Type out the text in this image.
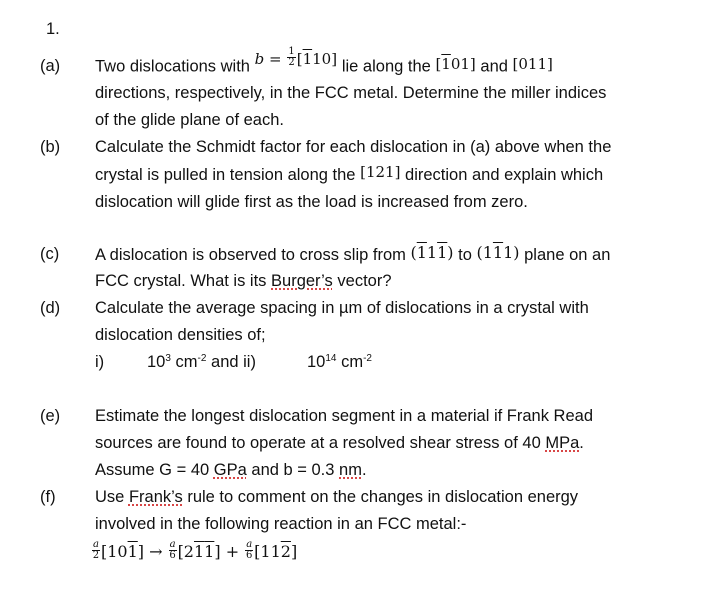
1.
(a) Two dislocations with $b = \frac{1}{2} [110]$ lie along the [101] and [011]
directions, respectively, in the FCC metal. Determine the miller indices
of the glide plane of each.
(b) Calculate the Schmidt factor for each dislocation in (a) above when the
crystal is pulled in tension along the [121] direction and explain which
dislocation will glide first as the load is increased from zero.
(c) A dislocation is observed to cross slip from (111) to (111) plane on an
FCC crystal. What is its Burger’s vector?
(d) Calculate the average spacing in µm of dislocations in a crystal with
dislocation densities of;
i)	$10^3$ $cm^{-2}$ and ii)	$10^{14}$ $cm^{-2}$
(e) Estimate the longest dislocation segment in a material if Frank Read
sources are found to operate at a resolved shear stress of 40 MPa.
Assume G = 40 GPa and b = 0.3 nm.
(f) Use Frank’s rule to comment on the changes in dislocation energy
involved in the following reaction in an FCC metal:-
$\frac{a}{2} [101] \to \frac{a}{6} [211] + \frac{a}{6} [112]$
